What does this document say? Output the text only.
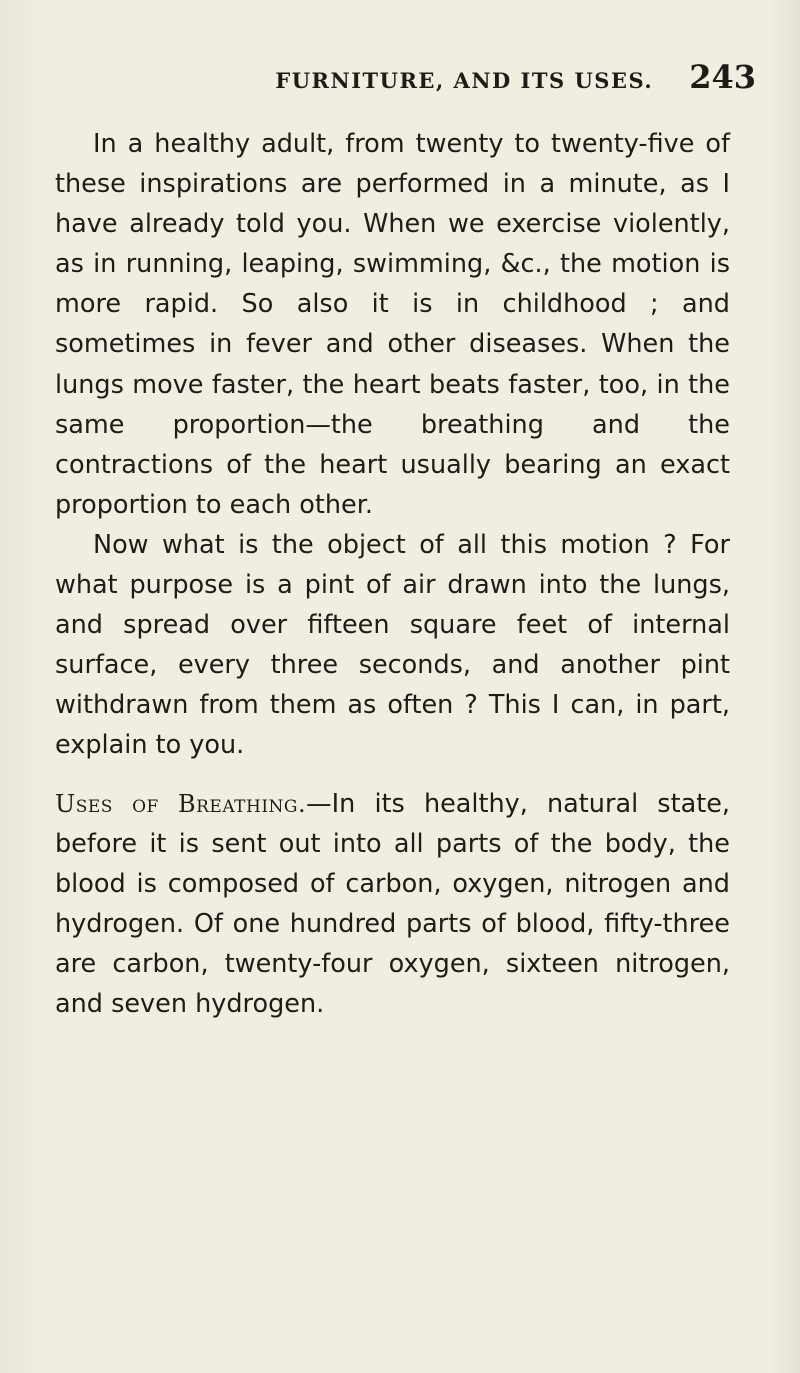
FURNITURE, AND ITS USES. 243

In a healthy adult, from twenty to twenty-five of these inspirations are performed in a minute, as I have already told you. When we exercise violently, as in running, leaping, swimming, &c., the motion is more rapid. So also it is in childhood ; and sometimes in fever and other diseases. When the lungs move faster, the heart beats faster, too, in the same proportion—the breathing and the contractions of the heart usually bearing an exact proportion to each other.

Now what is the object of all this motion ? For what purpose is a pint of air drawn into the lungs, and spread over fifteen square feet of internal surface, every three seconds, and another pint withdrawn from them as often ? This I can, in part, explain to you.

Uses of Breathing.—In its healthy, natural state, before it is sent out into all parts of the body, the blood is composed of carbon, oxygen, nitrogen and hydrogen. Of one hundred parts of blood, fifty-three are carbon, twenty-four oxygen, sixteen nitrogen, and seven hydrogen.
